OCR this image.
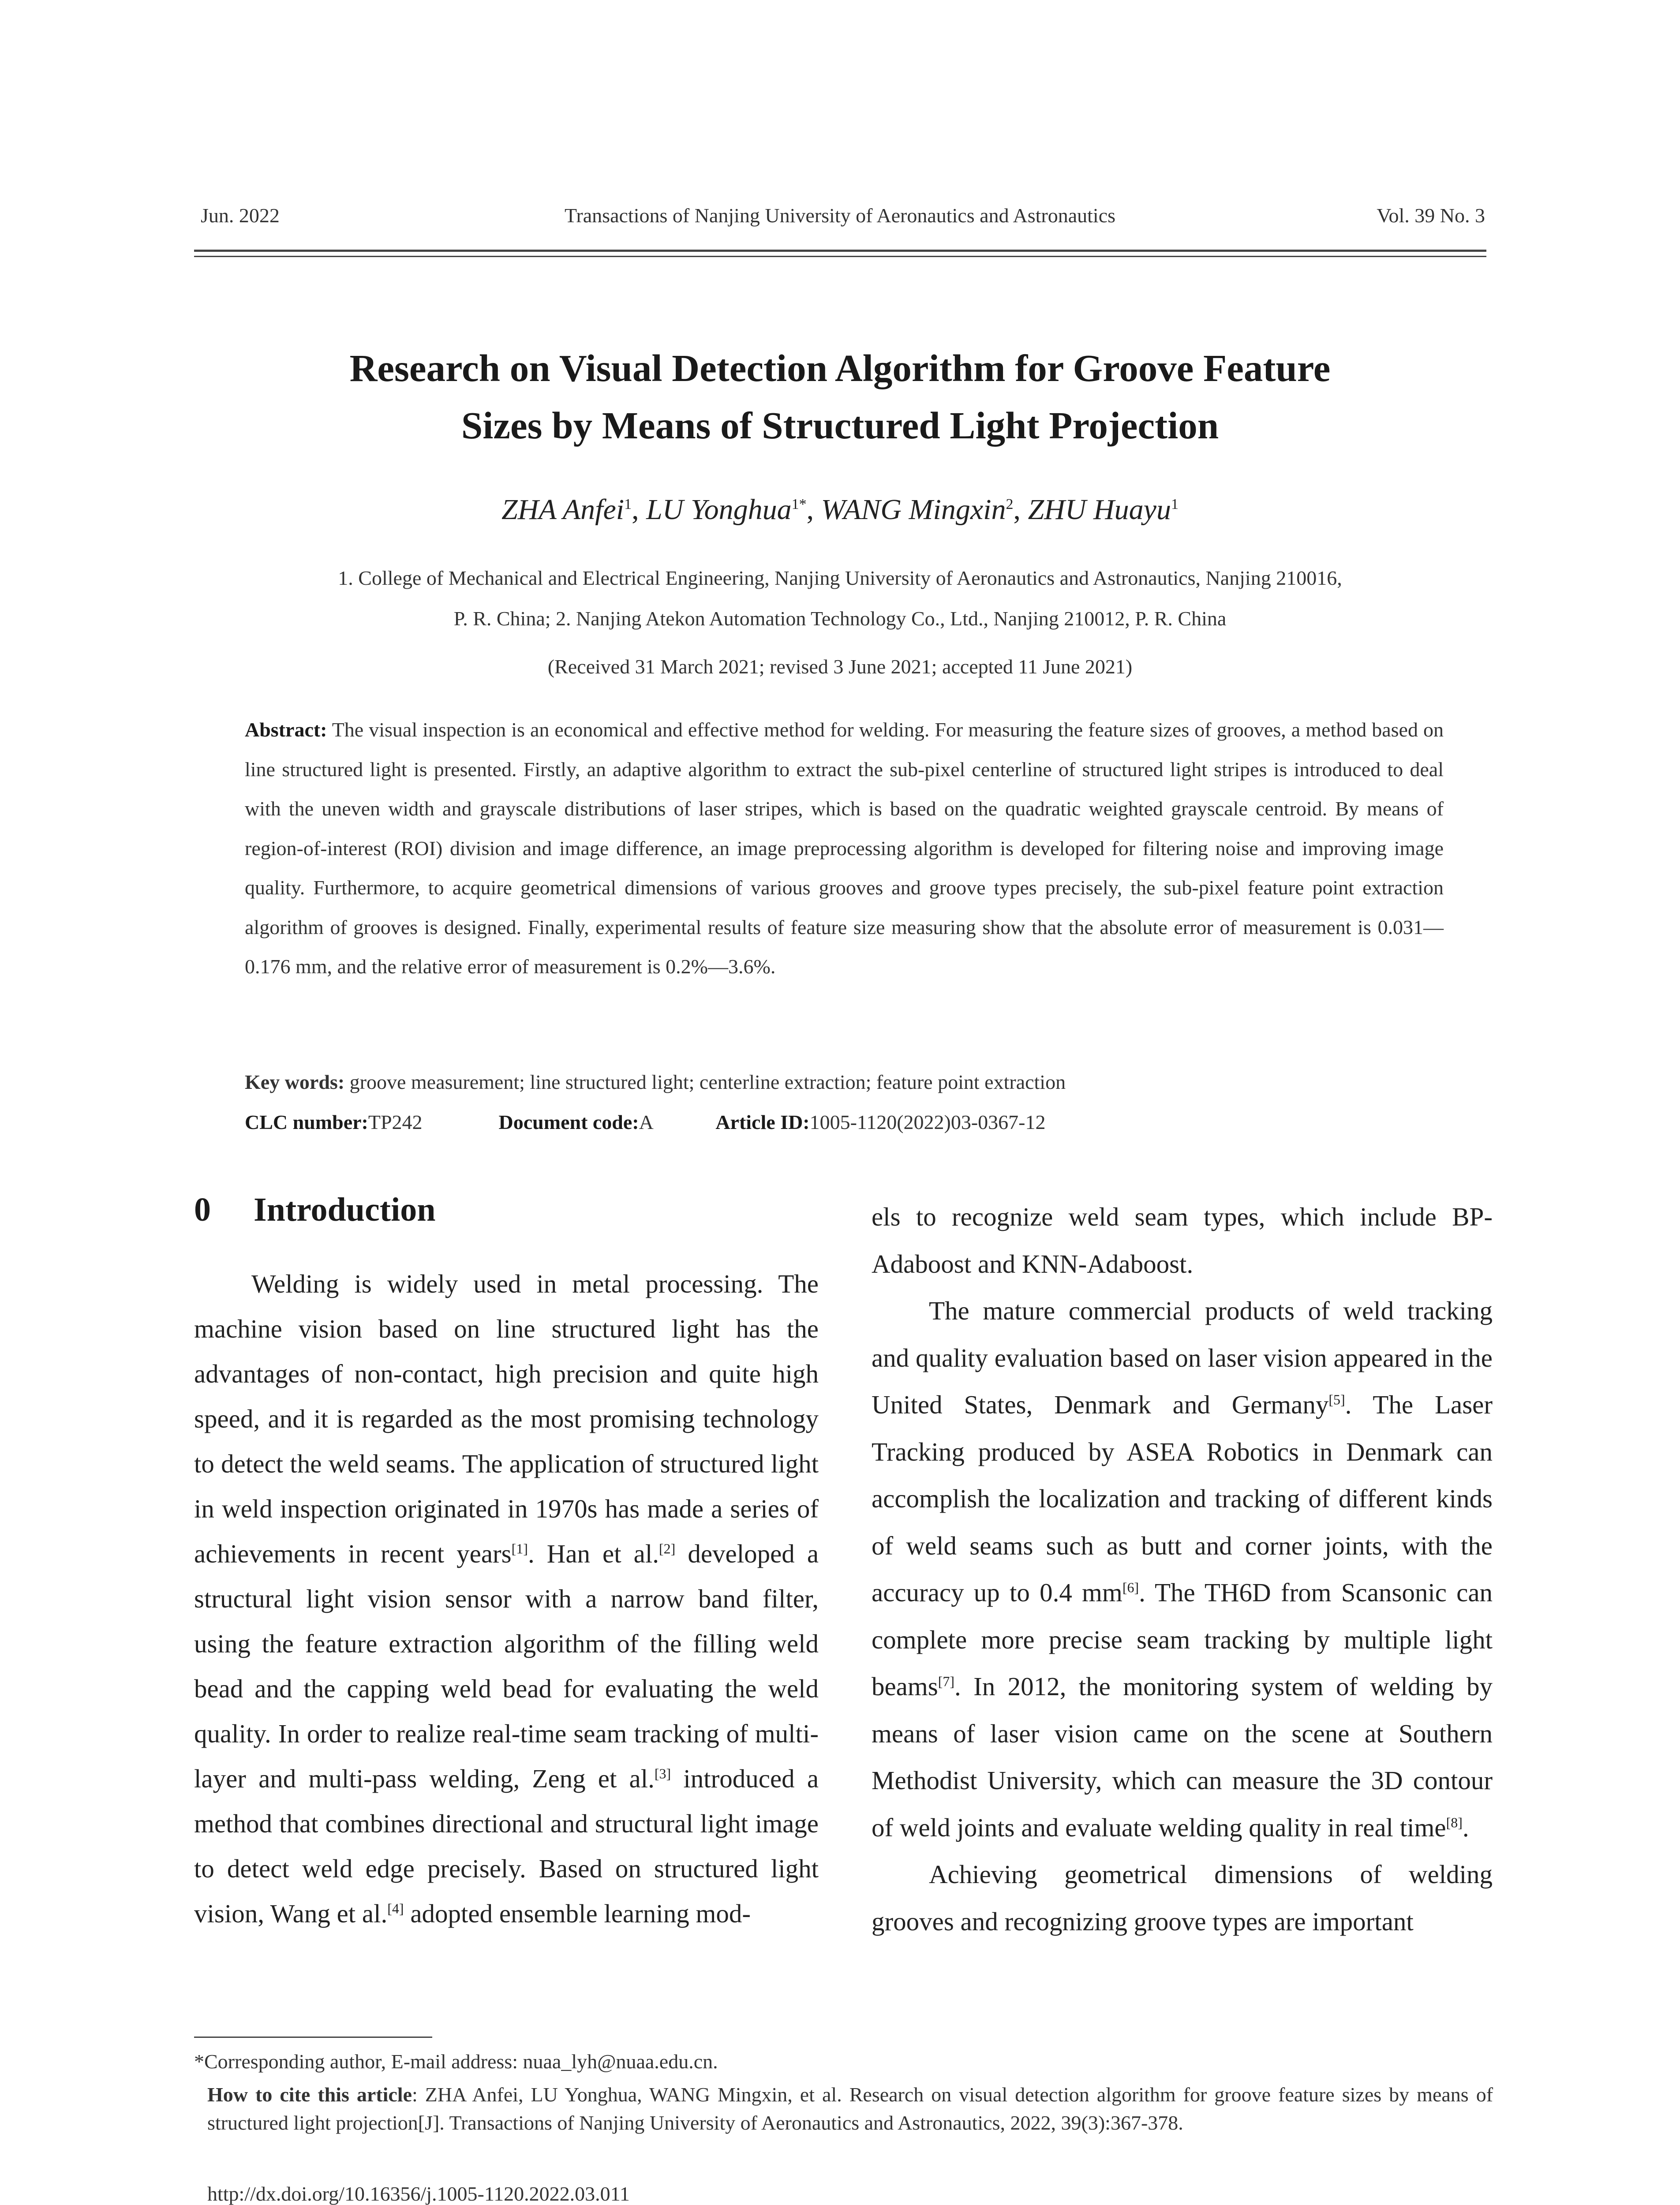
Jun. 2022	Transactions of Nanjing University of Aeronautics and Astronautics	Vol. 39 No. 3
Research on Visual Detection Algorithm for Groove Feature
Sizes by Means of Structured Light Projection
ZHA Anfei$^1$, LU Yonghua$^{1*}$, WANG Mingxin$^2$, ZHU Huayu$^1$
1. College of Mechanical and Electrical Engineering, Nanjing University of Aeronautics and Astronautics, Nanjing 210016,
P. R. China; 2. Nanjing Atekon Automation Technology Co., Ltd., Nanjing 210012, P. R. China
(Received 31 March 2021; revised 3 June 2021; accepted 11 June 2021)
Abstract: The visual inspection is an economical and effective method for welding. For measuring the feature sizes of grooves, a method based on line structured light is presented. Firstly, an adaptive algorithm to extract the sub-pixel centerline of structured light stripes is introduced to deal with the uneven width and grayscale distributions of laser stripes, which is based on the quadratic weighted grayscale centroid. By means of region-of-interest (ROI) division and image difference, an image preprocessing algorithm is developed for filtering noise and improving image quality. Furthermore, to acquire geometrical dimensions of various grooves and groove types precisely, the sub-pixel feature point extraction algorithm of grooves is designed. Finally, experimental results of feature size measuring show that the absolute error of measurement is 0.031—0.176 mm, and the relative error of measurement is 0.2%—3.6%.
Key words: groove measurement; line structured light; centerline extraction; feature point extraction
CLC number:TP242	Document code:A	Article ID:1005-1120(2022)03-0367-12
0 Introduction

Welding is widely used in metal processing. The machine vision based on line structured light has the advantages of non-contact, high precision and quite high speed, and it is regarded as the most promising technology to detect the weld seams. The application of structured light in weld inspection originated in 1970s has made a series of achievements in recent years[1]. Han et al.[2] developed a structural light vision sensor with a narrow band filter, using the feature extraction algorithm of the filling weld bead and the capping weld bead for evaluating the weld quality. In order to realize real-time seam tracking of multi-layer and multi-pass welding, Zeng et al.[3] introduced a method that combines directional and structural light image to detect weld edge precisely. Based on structured light vision, Wang et al.[4] adopted ensemble learning mod-

els to recognize weld seam types, which include BP-Adaboost and KNN-Adaboost.

The mature commercial products of weld tracking and quality evaluation based on laser vision appeared in the United States, Denmark and Germany[5]. The Laser Tracking produced by ASEA Robotics in Denmark can accomplish the localization and tracking of different kinds of weld seams such as butt and corner joints, with the accuracy up to 0.4 mm[6]. The TH6D from Scansonic can complete more precise seam tracking by multiple light beams[7]. In 2012, the monitoring system of welding by means of laser vision came on the scene at Southern Methodist University, which can measure the 3D contour of weld joints and evaluate welding quality in real time[8].

Achieving geometrical dimensions of welding grooves and recognizing groove types are important

*Corresponding author, E-mail address: nuaa_lyh@nuaa.edu.cn.
How to cite this article: ZHA Anfei, LU Yonghua, WANG Mingxin, et al. Research on visual detection algorithm for groove feature sizes by means of structured light projection[J]. Transactions of Nanjing University of Aeronautics and Astronautics, 2022, 39(3):367-378.
http://dx.doi.org/10.16356/j.1005-1120.2022.03.011
